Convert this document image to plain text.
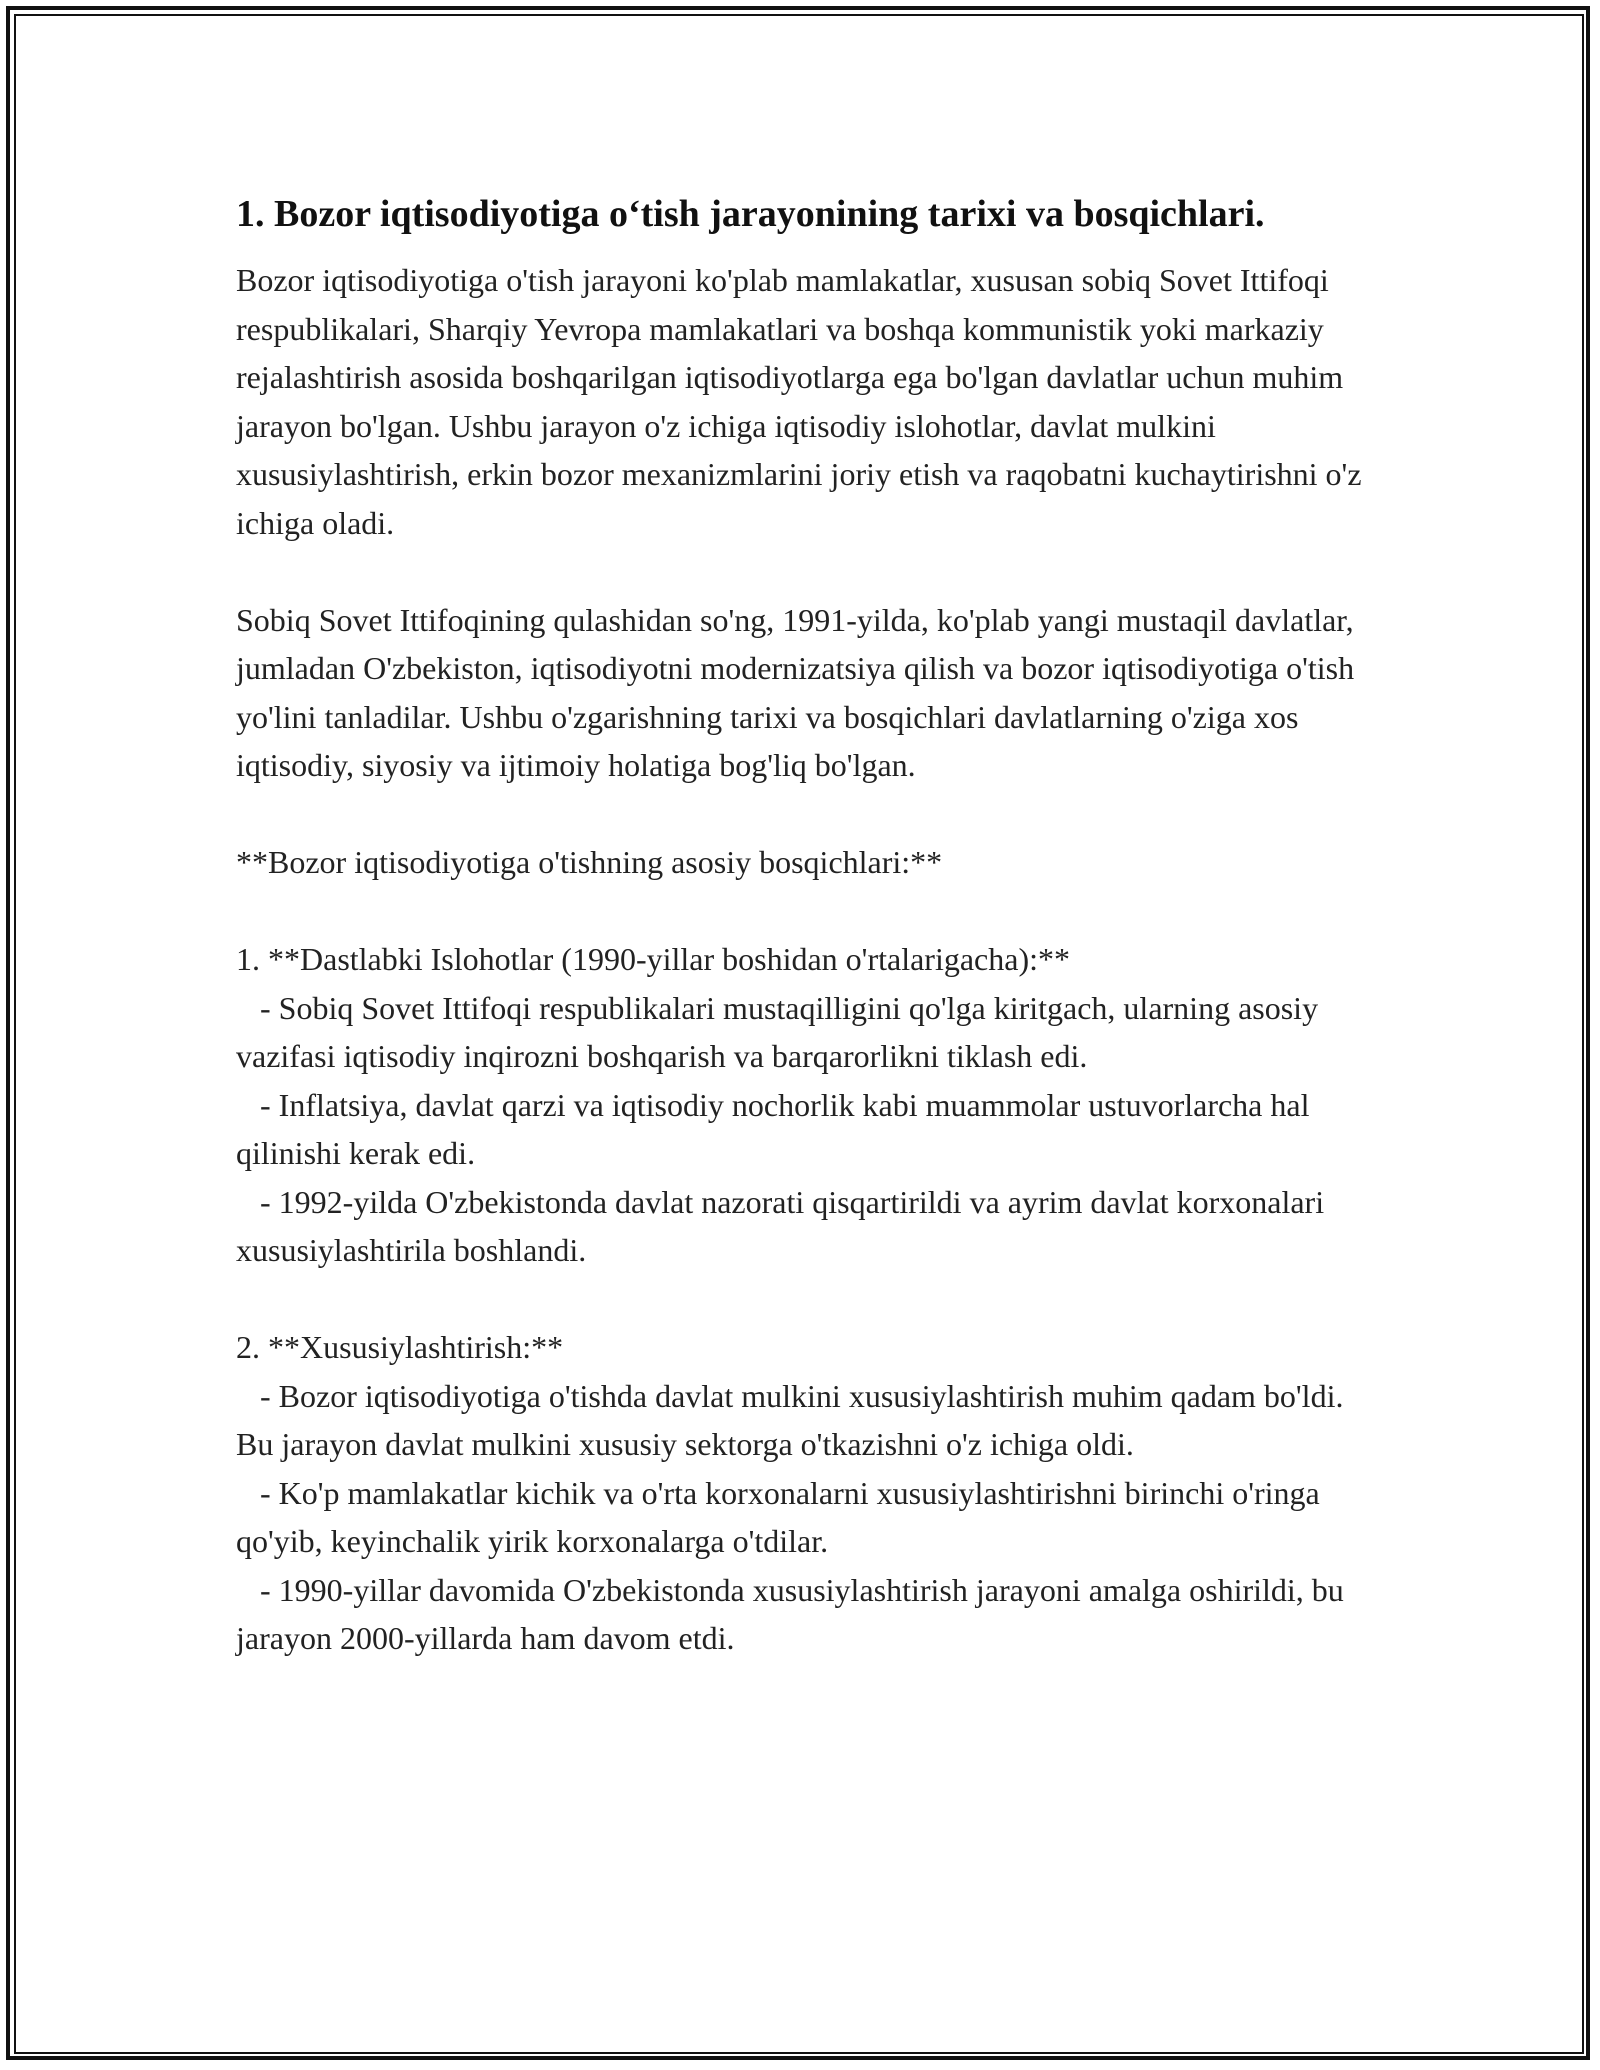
1. Bozor iqtisodiyotiga o‘tish jarayonining tarixi va bosqichlari.

Bozor iqtisodiyotiga o'tish jarayoni ko'plab mamlakatlar, xususan sobiq Sovet Ittifoqi respublikalari, Sharqiy Yevropa mamlakatlari va boshqa kommunistik yoki markaziy rejalashtirish asosida boshqarilgan iqtisodiyotlarga ega bo'lgan davlatlar uchun muhim jarayon bo'lgan. Ushbu jarayon o'z ichiga iqtisodiy islohotlar, davlat mulkini xususiylashtirish, erkin bozor mexanizmlarini joriy etish va raqobatni kuchaytirishni o'z ichiga oladi.

Sobiq Sovet Ittifoqining qulashidan so'ng, 1991-yilda, ko'plab yangi mustaqil davlatlar, jumladan O'zbekiston, iqtisodiyotni modernizatsiya qilish va bozor iqtisodiyotiga o'tish yo'lini tanladilar. Ushbu o'zgarishning tarixi va bosqichlari davlatlarning o'ziga xos iqtisodiy, siyosiy va ijtimoiy holatiga bog'liq bo'lgan.

**Bozor iqtisodiyotiga o'tishning asosiy bosqichlari:**

1. **Dastlabki Islohotlar (1990-yillar boshidan o'rtalarigacha):**

- Sobiq Sovet Ittifoqi respublikalari mustaqilligini qo'lga kiritgach, ularning asosiy vazifasi iqtisodiy inqirozni boshqarish va barqarorlikni tiklash edi.

- Inflatsiya, davlat qarzi va iqtisodiy nochorlik kabi muammolar ustuvorlarcha hal qilinishi kerak edi.

- 1992-yilda O'zbekistonda davlat nazorati qisqartirildi va ayrim davlat korxonalari xususiylashtirila boshlandi.

2. **Xususiylashtirish:**

- Bozor iqtisodiyotiga o'tishda davlat mulkini xususiylashtirish muhim qadam bo'ldi. Bu jarayon davlat mulkini xususiy sektorga o'tkazishni o'z ichiga oldi.

- Ko'p mamlakatlar kichik va o'rta korxonalarni xususiylashtirishni birinchi o'ringa qo'yib, keyinchalik yirik korxonalarga o'tdilar.

- 1990-yillar davomida O'zbekistonda xususiylashtirish jarayoni amalga oshirildi, bu jarayon 2000-yillarda ham davom etdi.
